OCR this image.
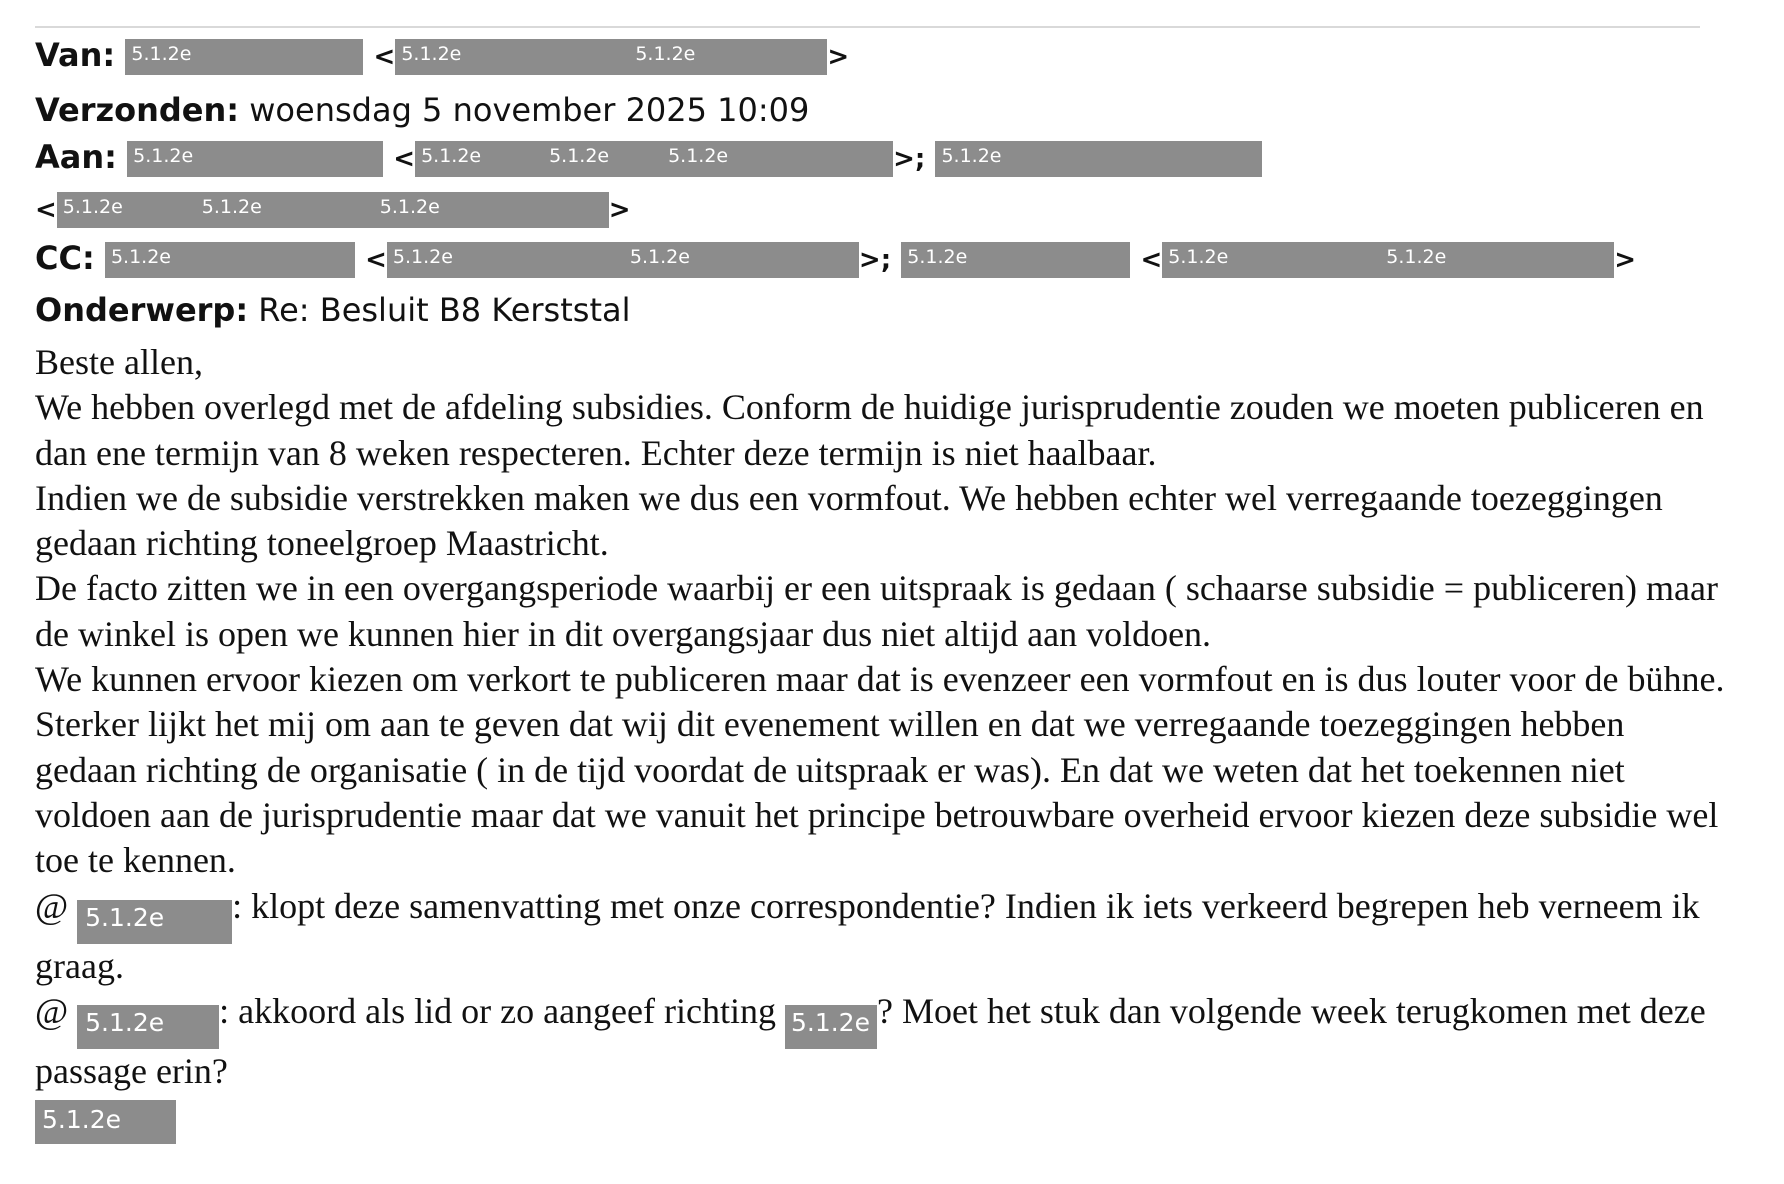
Van: 5.1.2e	< 5.1.2e	5.1.2e	>
Verzonden: woensdag 5 november 2025 10:09
Aan: 5.1.2e	< 5.1.2e	5.1.2e	5.1.2e	>; 5.1.2e
< 5.1.2e	5.1.2e	5.1.2e	>
CC: 5.1.2e	< 5.1.2e	5.1.2e	>; 5.1.2e	< 5.1.2e	5.1.2e	>
Onderwerp: Re: Besluit B8 Kerststal

Beste allen,

We hebben overlegd met de afdeling subsidies. Conform de huidige jurisprudentie zouden we moeten publiceren en dan ene termijn van 8 weken respecteren. Echter deze termijn is niet haalbaar.

Indien we de subsidie verstrekken maken we dus een vormfout. We hebben echter wel verregaande toezeggingen gedaan richting toneelgroep Maastricht.

De facto zitten we in een overgangsperiode waarbij er een uitspraak is gedaan ( schaarse subsidie = publiceren) maar de winkel is open we kunnen hier in dit overgangsjaar dus niet altijd aan voldoen.

We kunnen ervoor kiezen om verkort te publiceren maar dat is evenzeer een vormfout en is dus louter voor de bühne.

Sterker lijkt het mij om aan te geven dat wij dit evenement willen en dat we verregaande toezeggingen hebben gedaan richting de organisatie ( in de tijd voordat de uitspraak er was). En dat we weten dat het toekennen niet voldoen aan de jurisprudentie maar dat we vanuit het principe betrouwbare overheid ervoor kiezen deze subsidie wel toe te kennen.

@ 5.1.2e : klopt deze samenvatting met onze correspondentie? Indien ik iets verkeerd begrepen heb verneem ik graag.

@ 5.1.2e : akkoord als lid or zo aangeef richting 5.1.2e ? Moet het stuk dan volgende week terugkomen met deze passage erin?

5.1.2e
